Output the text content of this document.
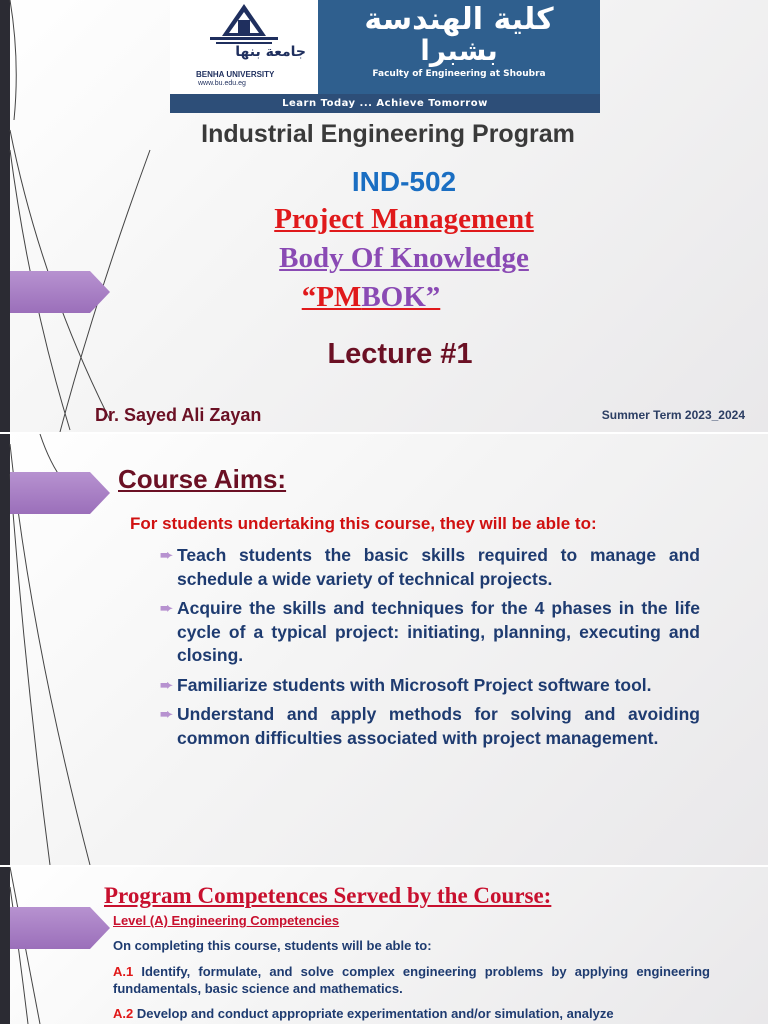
جامعة بنها
BENHA UNIVERSITY
www.bu.edu.eg
كلية الهندسة
بشبرا
Faculty of Engineering at Shoubra
Learn Today ... Achieve Tomorrow
Industrial Engineering Program
IND-502
Project Management
Body Of Knowledge
“PMBOK”
Lecture #1
Dr. Sayed Ali Zayan	Summer Term 2023_2024
Course Aims:
For students undertaking this course, they will be able to:
➨ Teach students the basic skills required to manage and schedule a wide variety of technical projects.
➨ Acquire the skills and techniques for the 4 phases in the life cycle of a typical project: initiating, planning, executing and closing.
➨ Familiarize students with Microsoft Project software tool.
➨ Understand and apply methods for solving and avoiding common difficulties associated with project management.
Program Competences Served by the Course:
Level (A) Engineering Competencies
On completing this course, students will be able to:
A.1 Identify, formulate, and solve complex engineering problems by applying engineering fundamentals, basic science and mathematics.
A.2 Develop and conduct appropriate experimentation and/or simulation, analyze
